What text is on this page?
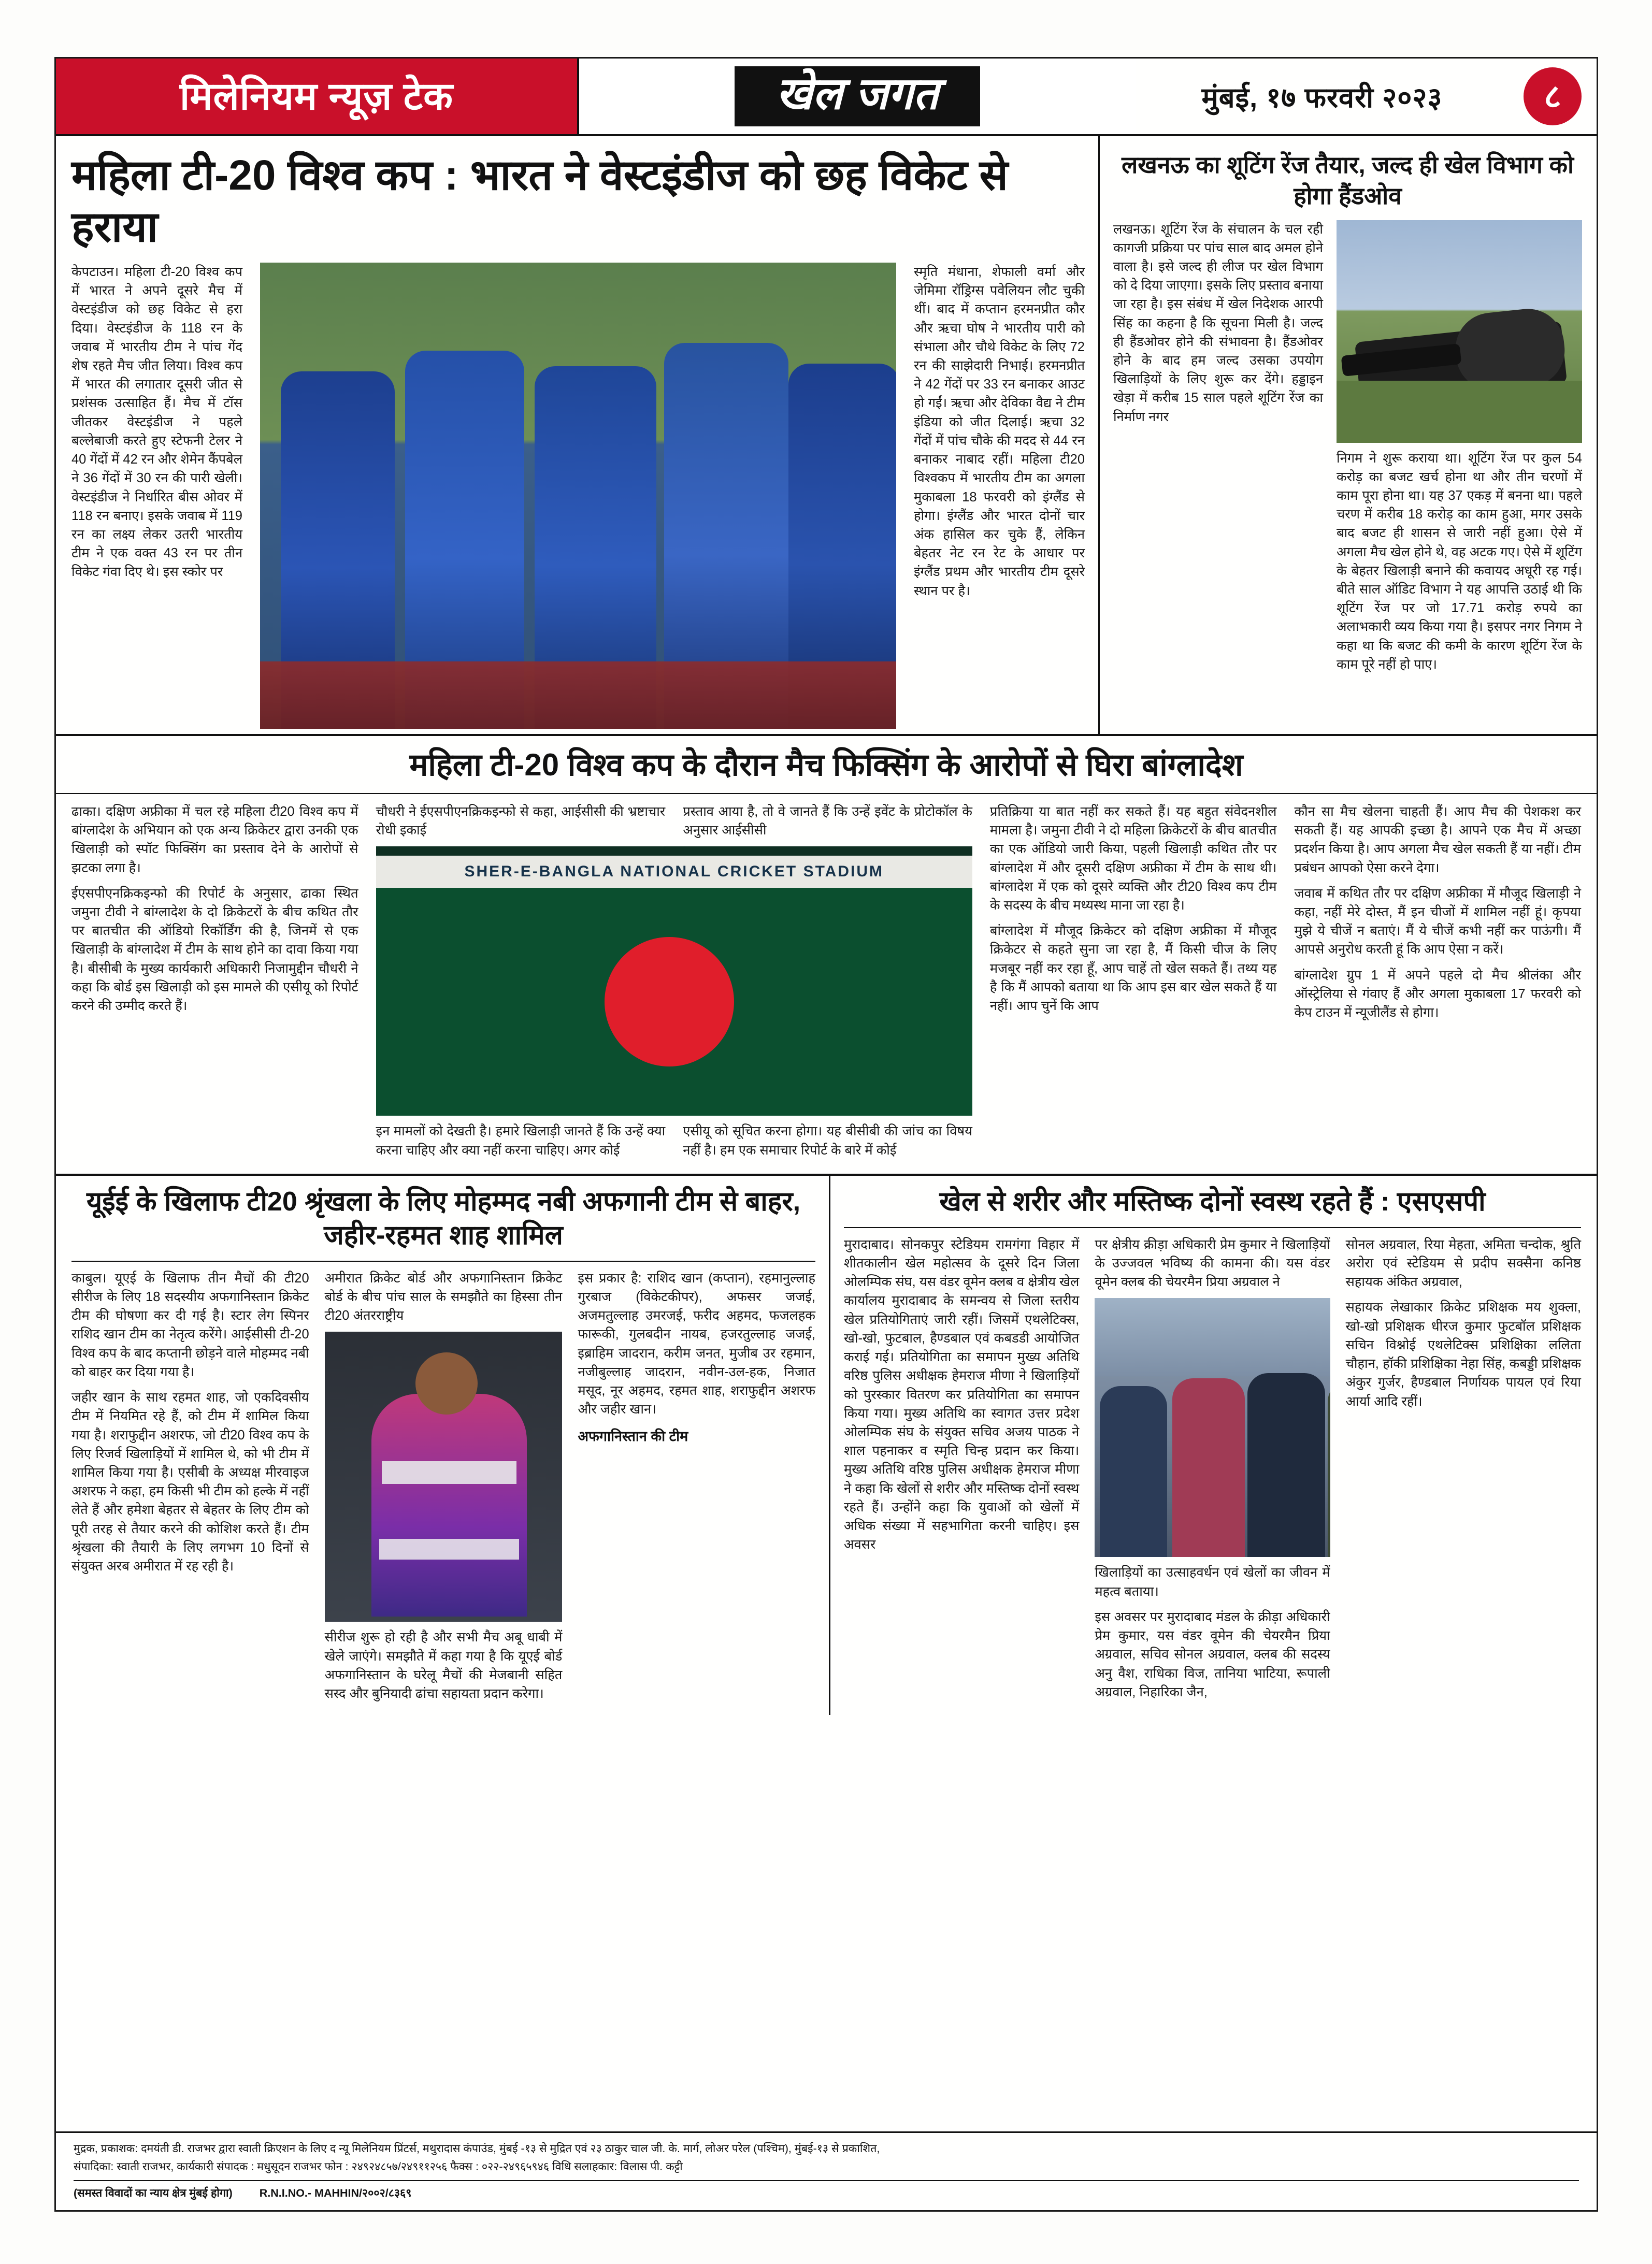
मिलेनियम न्यूज़ टेक	खेल जगत	मुंबई, १७ फरवरी २०२३	८
महिला टी-20 विश्व कप : भारत ने वेस्टइंडीज को छह विकेट से हराया

केपटाउन। महिला टी-20 विश्व कप में भारत ने अपने दूसरे मैच में वेस्टइंडीज को छह विकेट से हरा दिया। वेस्टइंडीज के 118 रन के जवाब में भारतीय टीम ने पांच गेंद शेष रहते मैच जीत लिया। विश्व कप में भारत की लगातार दूसरी जीत से प्रशंसक उत्साहित हैं। मैच में टॉस जीतकर वेस्टइंडीज ने पहले बल्लेबाजी करते हुए स्टेफनी टेलर ने 40 गेंदों में 42 रन और शेमेन कैंपबेल ने 36 गेंदों में 30 रन की पारी खेली। वेस्टइंडीज ने निर्धारित बीस ओवर में 118 रन बनाए। इसके जवाब में 119 रन का लक्ष्य लेकर उतरी भारतीय टीम ने एक वक्त 43 रन पर तीन विकेट गंवा दिए थे। इस स्कोर पर

स्मृति मंधाना, शेफाली वर्मा और जेमिमा रॉड्रिग्स पवेलियन लौट चुकी थीं। बाद में कप्तान हरमनप्रीत कौर और ऋचा घोष ने भारतीय पारी को संभाला और चौथे विकेट के लिए 72 रन की साझेदारी निभाई। हरमनप्रीत ने 42 गेंदों पर 33 रन बनाकर आउट हो गईं। ऋचा और देविका वैद्य ने टीम इंडिया को जीत दिलाई। ऋचा 32 गेंदों में पांच चौके की मदद से 44 रन बनाकर नाबाद रहीं। महिला टी20 विश्वकप में भारतीय टीम का अगला मुकाबला 18 फरवरी को इंग्लैंड से होगा। इंग्लैंड और भारत दोनों चार अंक हासिल कर चुके हैं, लेकिन बेहतर नेट रन रेट के आधार पर इंग्लैंड प्रथम और भारतीय टीम दूसरे स्थान पर है।

लखनऊ का शूटिंग रेंज तैयार, जल्द ही खेल विभाग को होगा हैंडओव

लखनऊ। शूटिंग रेंज के संचालन के चल रही कागजी प्रक्रिया पर पांच साल बाद अमल होने वाला है। इसे जल्द ही लीज पर खेल विभाग को दे दिया जाएगा। इसके लिए प्रस्ताव बनाया जा रहा है। इस संबंध में खेल निदेशक आरपी सिंह का कहना है कि सूचना मिली है। जल्द ही हैंडओवर होने की संभावना है। हैंडओवर होने के बाद हम जल्द उसका उपयोग खिलाड़ियों के लिए शुरू कर देंगे। हड्डाइन खेड़ा में करीब 15 साल पहले शूटिंग रेंज का निर्माण नगर

निगम ने शुरू कराया था। शूटिंग रेंज पर कुल 54 करोड़ का बजट खर्च होना था और तीन चरणों में काम पूरा होना था। यह 37 एकड़ में बनना था। पहले चरण में करीब 18 करोड़ का काम हुआ, मगर उसके बाद बजट ही शासन से जारी नहीं हुआ। ऐसे में अगला मैच खेल होने थे, वह अटक गए। ऐसे में शूटिंग के बेहतर खिलाड़ी बनाने की कवायद अधूरी रह गई। बीते साल ऑडिट विभाग ने यह आपत्ति उठाई थी कि शूटिंग रेंज पर जो 17.71 करोड़ रुपये का अलाभकारी व्यय किया गया है। इसपर नगर निगम ने कहा था कि बजट की कमी के कारण शूटिंग रेंज के काम पूरे नहीं हो पाए।

महिला टी-20 विश्व कप के दौरान मैच फिक्सिंग के आरोपों से घिरा बांग्लादेश

ढाका। दक्षिण अफ्रीका में चल रहे महिला टी20 विश्व कप में बांग्लादेश के अभियान को एक अन्य क्रिकेटर द्वारा उनकी एक खिलाड़ी को स्पॉट फिक्सिंग का प्रस्ताव देने के आरोपों से झटका लगा है।

ईएसपीएनक्रिकइन्फो की रिपोर्ट के अनुसार, ढाका स्थित जमुना टीवी ने बांग्लादेश के दो क्रिकेटरों के बीच कथित तौर पर बातचीत की ऑडियो रिकॉर्डिंग की है, जिनमें से एक खिलाड़ी के बांग्लादेश में टीम के साथ होने का दावा किया गया है। बीसीबी के मुख्य कार्यकारी अधिकारी निजामुद्दीन चौधरी ने कहा कि बोर्ड इस खिलाड़ी को इस मामले की एसीयू को रिपोर्ट करने की उम्मीद करते हैं।

चौधरी ने ईएसपीएनक्रिकइन्फो से कहा, आईसीसी की भ्रष्टाचार रोधी इकाई

प्रस्ताव आया है, तो वे जानते हैं कि उन्हें इवेंट के प्रोटोकॉल के अनुसार आईसीसी

SHER-E-BANGLA NATIONAL CRICKET STADIUM

इन मामलों को देखती है। हमारे खिलाड़ी जानते हैं कि उन्हें क्या करना चाहिए और क्या नहीं करना चाहिए। अगर कोई

एसीयू को सूचित करना होगा। यह बीसीबी की जांच का विषय नहीं है। हम एक समाचार रिपोर्ट के बारे में कोई

प्रतिक्रिया या बात नहीं कर सकते हैं। यह बहुत संवेदनशील मामला है। जमुना टीवी ने दो महिला क्रिकेटरों के बीच बातचीत का एक ऑडियो जारी किया, पहली खिलाड़ी कथित तौर पर बांग्लादेश में और दूसरी दक्षिण अफ्रीका में टीम के साथ थी। बांग्लादेश में एक को दूसरे व्यक्ति और टी20 विश्व कप टीम के सदस्य के बीच मध्यस्थ माना जा रहा है।

बांग्लादेश में मौजूद क्रिकेटर को दक्षिण अफ्रीका में मौजूद क्रिकेटर से कहते सुना जा रहा है, मैं किसी चीज के लिए मजबूर नहीं कर रहा हूँ, आप चाहें तो खेल सकते हैं। तथ्य यह है कि मैं आपको बताया था कि आप इस बार खेल सकते हैं या नहीं। आप चुनें कि आप

कौन सा मैच खेलना चाहती हैं। आप मैच की पेशकश कर सकती हैं। यह आपकी इच्छा है। आपने एक मैच में अच्छा प्रदर्शन किया है। आप अगला मैच खेल सकती हैं या नहीं। टीम प्रबंधन आपको ऐसा करने देगा।

जवाब में कथित तौर पर दक्षिण अफ्रीका में मौजूद खिलाड़ी ने कहा, नहीं मेरे दोस्त, मैं इन चीजों में शामिल नहीं हूं। कृपया मुझे ये चीजें न बताएं। मैं ये चीजें कभी नहीं कर पाऊंगी। मैं आपसे अनुरोध करती हूं कि आप ऐसा न करें।

बांग्लादेश ग्रुप 1 में अपने पहले दो मैच श्रीलंका और ऑस्ट्रेलिया से गंवाए हैं और अगला मुकाबला 17 फरवरी को केप टाउन में न्यूजीलैंड से होगा।

यूईई के खिलाफ टी20 श्रृंखला के लिए मोहम्मद नबी अफगानी टीम से बाहर, जहीर-रहमत शाह शामिल

काबुल। यूएई के खिलाफ तीन मैचों की टी20 सीरीज के लिए 18 सदस्यीय अफगानिस्तान क्रिकेट टीम की घोषणा कर दी गई है। स्टार लेग स्पिनर राशिद खान टीम का नेतृत्व करेंगे। आईसीसी टी-20 विश्व कप के बाद कप्तानी छोड़ने वाले मोहम्मद नबी को बाहर कर दिया गया है।

जहीर खान के साथ रहमत शाह, जो एकदिवसीय टीम में नियमित रहे हैं, को टीम में शामिल किया गया है। शराफुद्दीन अशरफ, जो टी20 विश्व कप के लिए रिजर्व खिलाड़ियों में शामिल थे, को भी टीम में शामिल किया गया है। एसीबी के अध्यक्ष मीरवाइज अशरफ ने कहा, हम किसी भी टीम को हल्के में नहीं लेते हैं और हमेशा बेहतर से बेहतर के लिए टीम को पूरी तरह से तैयार करने की कोशिश करते हैं। टीम श्रृंखला की तैयारी के लिए लगभग 10 दिनों से संयुक्त अरब अमीरात में रह रही है।

अमीरात क्रिकेट बोर्ड और अफगानिस्तान क्रिकेट बोर्ड के बीच पांच साल के समझौते का हिस्सा तीन टी20 अंतरराष्ट्रीय

सीरीज शुरू हो रही है और सभी मैच अबू धाबी में खेले जाएंगे। समझौते में कहा गया है कि यूएई बोर्ड अफगानिस्तान के घरेलू मैचों की मेजबानी सहित सस्द और बुनियादी ढांचा सहायता प्रदान करेगा।

इस प्रकार है: राशिद खान (कप्तान), रहमानुल्लाह गुरबाज (विकेटकीपर), अफसर जजई, अजमतुल्लाह उमरजई, फरीद अहमद, फजलहक फारूकी, गुलबदीन नायब, हजरतुल्लाह जजई, इब्राहिम जादरान, करीम जनत, मुजीब उर रहमान, नजीबुल्लाह जादरान, नवीन-उल-हक, निजात मसूद, नूर अहमद, रहमत शाह, शराफुद्दीन अशरफ और जहीर खान।

अफगानिस्तान की टीम
खेल से शरीर और मस्तिष्क दोनों स्वस्थ रहते हैं : एसएसपी

मुरादाबाद। सोनकपुर स्टेडियम रामगंगा विहार में शीतकालीन खेल महोत्सव के दूसरे दिन जिला ओलम्पिक संघ, यस वंडर वूमेन क्लब व क्षेत्रीय खेल कार्यालय मुरादाबाद के समन्वय से जिला स्तरीय खेल प्रतियोगिताएं जारी रहीं। जिसमें एथलेटिक्स, खो-खो, फुटबाल, हैण्डबाल एवं कबडडी आयोजित कराई गई। प्रतियोगिता का समापन मुख्य अतिथि वरिष्ठ पुलिस अधीक्षक हेमराज मीणा ने खिलाड़ियों को पुरस्कार वितरण कर प्रतियोगिता का समापन किया गया। मुख्य अतिथि का स्वागत उत्तर प्रदेश ओलम्पिक संघ के संयुक्त सचिव अजय पाठक ने शाल पहनाकर व स्मृति चिन्ह प्रदान कर किया। मुख्य अतिथि वरिष्ठ पुलिस अधीक्षक हेमराज मीणा ने कहा कि खेलों से शरीर और मस्तिष्क दोनों स्वस्थ रहते हैं। उन्होंने कहा कि युवाओं को खेलों में अधिक संख्या में सहभागिता करनी चाहिए। इस अवसर

पर क्षेत्रीय क्रीड़ा अधिकारी प्रेम कुमार ने खिलाड़ियों के उज्जवल भविष्य की कामना की। यस वंडर वूमेन क्लब की चेयरमैन प्रिया अग्रवाल ने

खिलाड़ियों का उत्साहवर्धन एवं खेलों का जीवन में महत्व बताया।

इस अवसर पर मुरादाबाद मंडल के क्रीड़ा अधिकारी प्रेम कुमार, यस वंडर वूमेन की चेयरमैन प्रिया अग्रवाल, सचिव सोनल अग्रवाल, क्लब की सदस्य अनु वैश, राधिका विज, तानिया भाटिया, रूपाली अग्रवाल, निहारिका जैन,

सोनल अग्रवाल, रिया मेहता, अमिता चन्दोक, श्रुति अरोरा एवं स्टेडियम से प्रदीप सक्सैना कनिष्ठ सहायक अंकित अग्रवाल,

सहायक लेखाकार क्रिकेट प्रशिक्षक मय शुक्ला, खो-खो प्रशिक्षक धीरज कुमार फुटबॉल प्रशिक्षक सचिन विश्नोई एथलेटिक्स प्रशिक्षिका ललिता चौहान, हॉकी प्रशिक्षिका नेहा सिंह, कबड्डी प्रशिक्षक अंकुर गुर्जर, हैण्डबाल निर्णायक पायल एवं रिया आर्या आदि रहीं।

मुद्रक, प्रकाशक: दमयंती डी. राजभर द्वारा स्वाती क्रिएशन के लिए द न्यू मिलेनियम प्रिंटर्स, मथुरादास कंपाउंड, मुंबई -१३ से मुद्रित एवं २३ ठाकुर चाल जी. के. मार्ग, लोअर परेल (पश्चिम), मुंबई-१३ से प्रकाशित,

संपादिका: स्वाती राजभर, कार्यकारी संपादक : मधुसूदन राजभर फोन : २४९२४८५७/२४९११२५६ फैक्स : ०२२-२४९६५९४६ विधि सलाहकार: विलास पी. कट्टी

(समस्त विवादों का न्याय क्षेत्र मुंबई होगा) R.N.I.NO.- MAHHIN/२००२/८३६९
